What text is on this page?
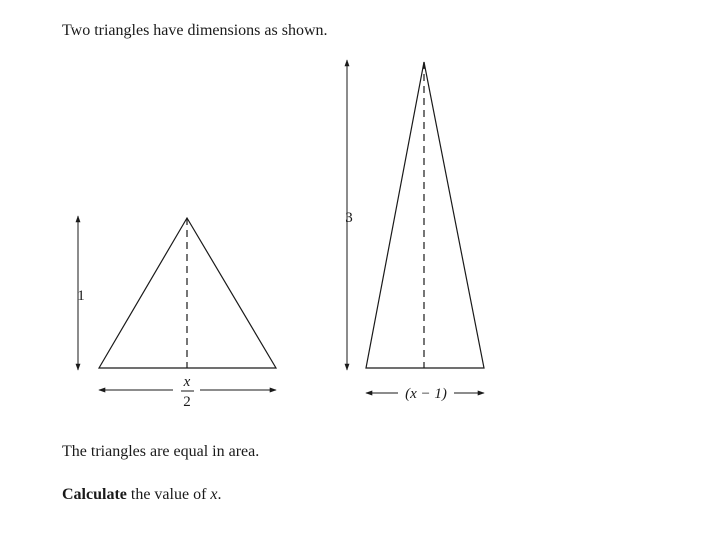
Two triangles have dimensions as shown.

1
x
2
3
(x − 1)

The triangles are equal in area.

Calculate the value of x.
